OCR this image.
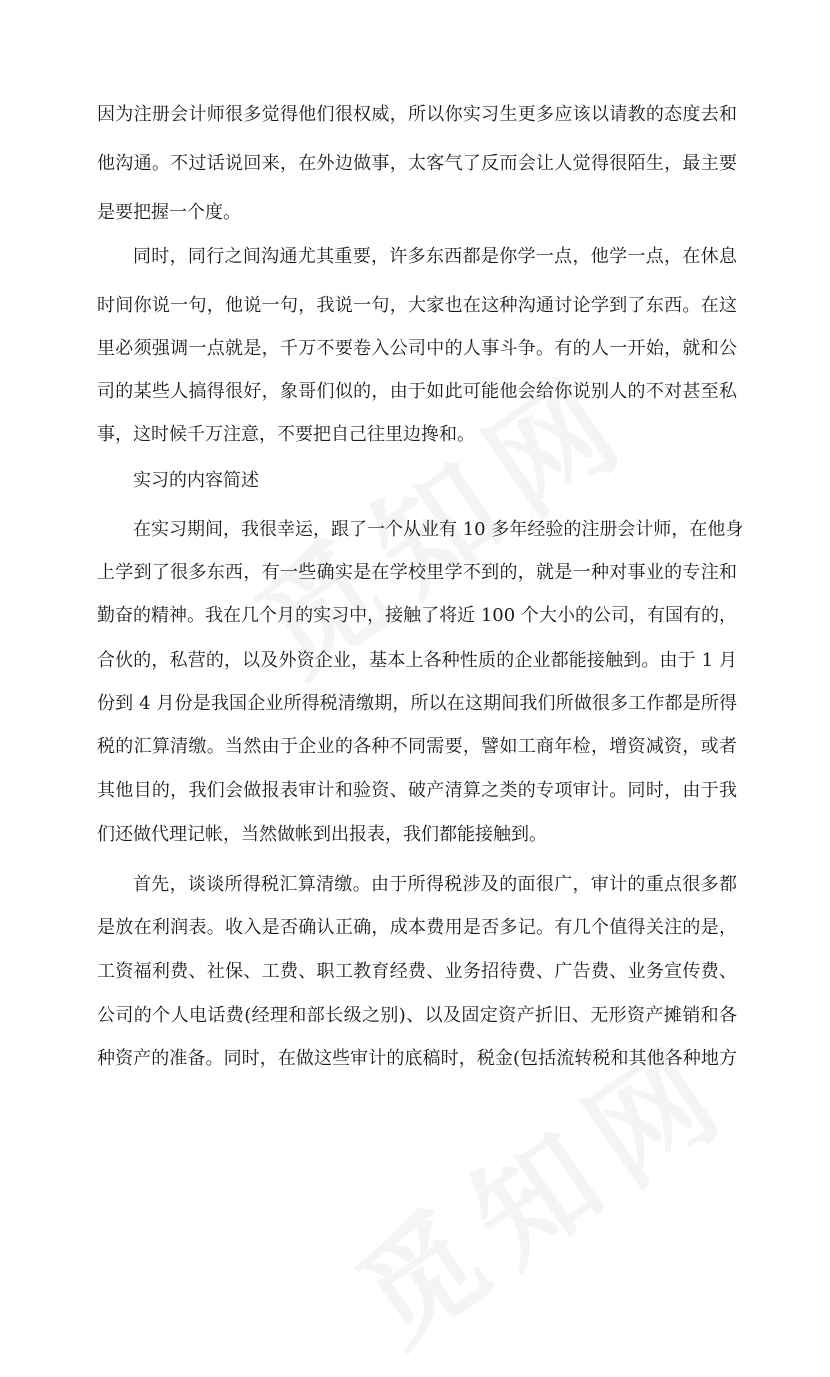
因为注册会计师很多觉得他们很权威，所以你实习生更多应该以请教的态度去和
他沟通。不过话说回来，在外边做事，太客气了反而会让人觉得很陌生，最主要
是要把握一个度。
同时，同行之间沟通尤其重要，许多东西都是你学一点，他学一点，在休息
时间你说一句，他说一句，我说一句，大家也在这种沟通讨论学到了东西。在这
里必须强调一点就是，千万不要卷入公司中的人事斗争。有的人一开始，就和公
司的某些人搞得很好，象哥们似的，由于如此可能他会给你说别人的不对甚至私
事，这时候千万注意，不要把自己往里边搀和。
实习的内容简述
在实习期间，我很幸运，跟了一个从业有 10 多年经验的注册会计师，在他身
上学到了很多东西，有一些确实是在学校里学不到的，就是一种对事业的专注和
勤奋的精神。我在几个月的实习中，接触了将近 100 个大小的公司，有国有的，
合伙的，私营的，以及外资企业，基本上各种性质的企业都能接触到。由于 1 月
份到 4 月份是我国企业所得税清缴期，所以在这期间我们所做很多工作都是所得
税的汇算清缴。当然由于企业的各种不同需要，譬如工商年检，增资减资，或者
其他目的，我们会做报表审计和验资、破产清算之类的专项审计。同时，由于我
们还做代理记帐，当然做帐到出报表，我们都能接触到。
首先，谈谈所得税汇算清缴。由于所得税涉及的面很广，审计的重点很多都
是放在利润表。收入是否确认正确，成本费用是否多记。有几个值得关注的是，
工资福利费、社保、工费、职工教育经费、业务招待费、广告费、业务宣传费、
公司的个人电话费(经理和部长级之别)、以及固定资产折旧、无形资产摊销和各
种资产的准备。同时，在做这些审计的底稿时，税金(包括流转税和其他各种地方
